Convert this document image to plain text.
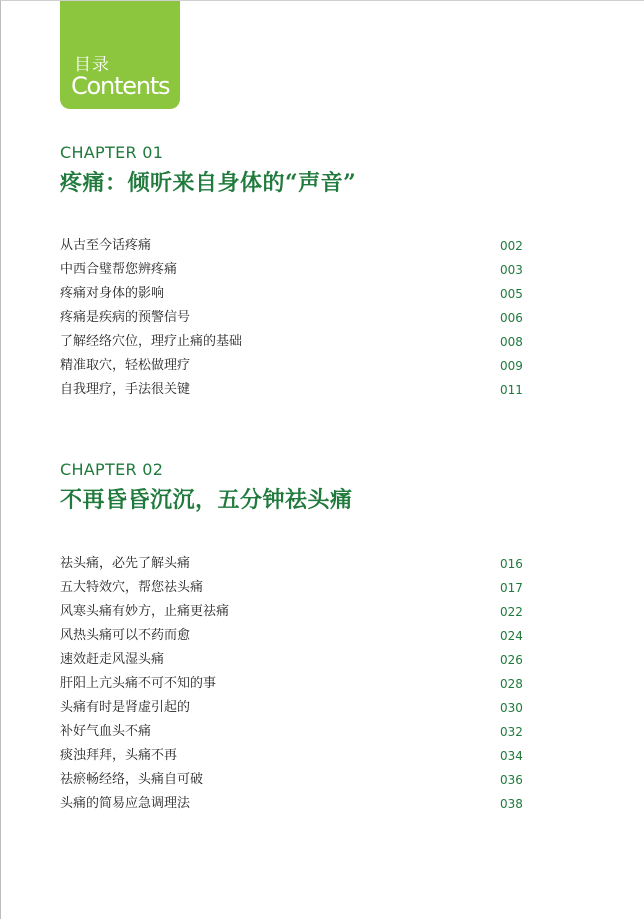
目录
Contents
CHAPTER 01
疼痛：倾听来自身体的“声音”
从古至今话疼痛	002
中西合璧帮您辨疼痛	003
疼痛对身体的影响	005
疼痛是疾病的预警信号	006
了解经络穴位，理疗止痛的基础	008
精准取穴，轻松做理疗	009
自我理疗，手法很关键	011
CHAPTER 02
不再昏昏沉沉，五分钟祛头痛
祛头痛，必先了解头痛	016
五大特效穴，帮您祛头痛	017
风寒头痛有妙方，止痛更祛痛	022
风热头痛可以不药而愈	024
速效赶走风湿头痛	026
肝阳上亢头痛不可不知的事	028
头痛有时是肾虚引起的	030
补好气血头不痛	032
痰浊拜拜，头痛不再	034
祛瘀畅经络，头痛自可破	036
头痛的简易应急调理法	038
